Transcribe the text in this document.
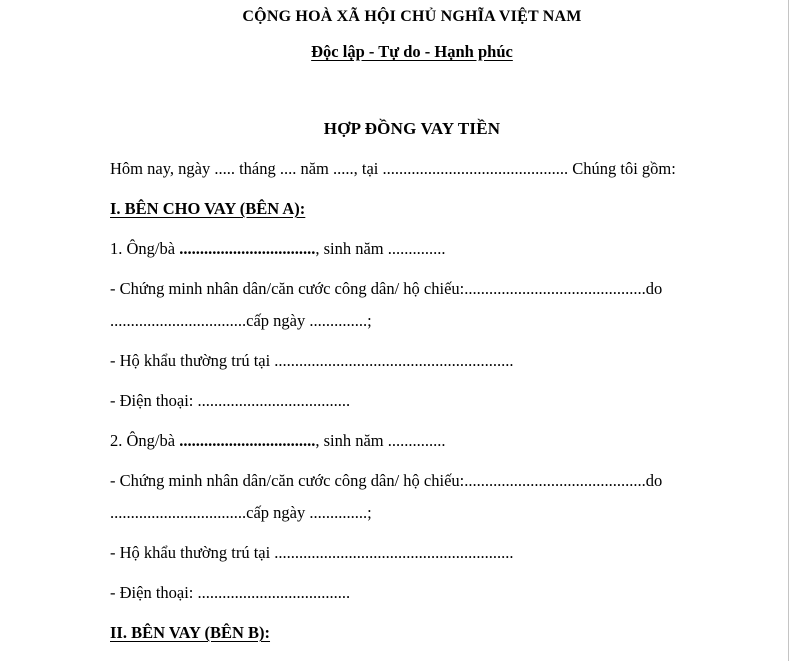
CỘNG HOÀ XÃ HỘI CHỦ NGHĨA VIỆT NAM
Độc lập - Tự do - Hạnh phúc
HỢP ĐỒNG VAY TIỀN
Hôm nay, ngày ..... tháng .... năm ....., tại ............................................. Chúng tôi gồm:
I. BÊN CHO VAY (BÊN A):
1. Ông/bà ................................., sinh năm ..............
- Chứng minh nhân dân/căn cước công dân/ hộ chiếu:............................................do
.................................cấp ngày ..............;
- Hộ khẩu thường trú tại ..........................................................
- Điện thoại: .....................................
2. Ông/bà ................................., sinh năm ..............
- Chứng minh nhân dân/căn cước công dân/ hộ chiếu:............................................do
.................................cấp ngày ..............;
- Hộ khẩu thường trú tại ..........................................................
- Điện thoại: .....................................
II. BÊN VAY (BÊN B):
